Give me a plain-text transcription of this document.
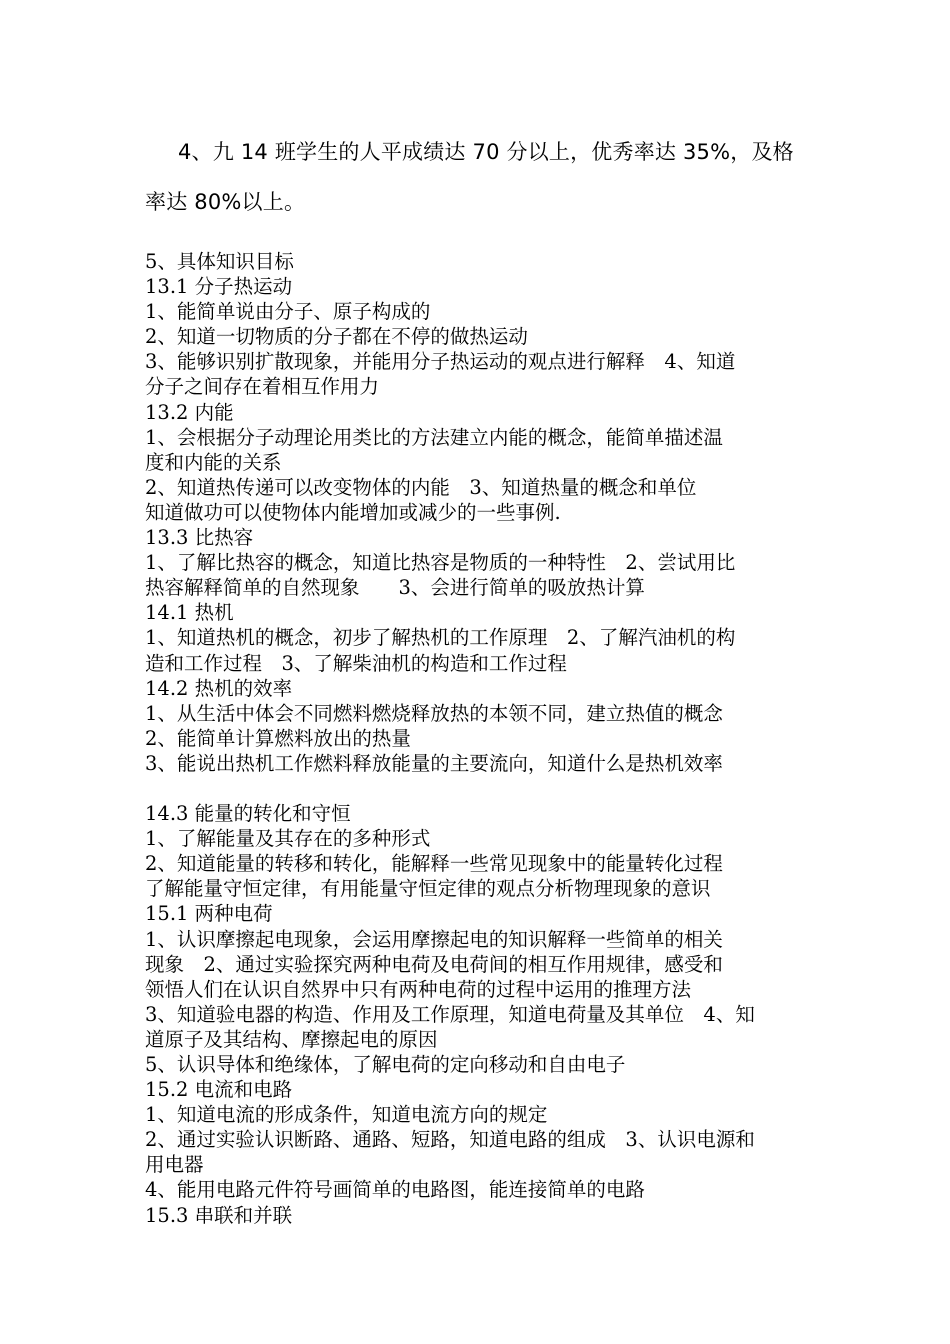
4、九 14 班学生的人平成绩达 70 分以上，优秀率达 35%，及格
率达 80%以上。
5、具体知识目标
13.1 分子热运动
1、能简单说由分子、原子构成的
2、知道一切物质的分子都在不停的做热运动
3、能够识别扩散现象，并能用分子热运动的观点进行解释　4、知道
分子之间存在着相互作用力
13.2 内能
1、会根据分子动理论用类比的方法建立内能的概念，能简单描述温
度和内能的关系
2、知道热传递可以改变物体的内能　3、知道热量的概念和单位
知道做功可以使物体内能增加或减少的一些事例.
13.3 比热容
1、了解比热容的概念，知道比热容是物质的一种特性　2、尝试用比
热容解释简单的自然现象　　3、会进行简单的吸放热计算
14.1 热机
1、知道热机的概念，初步了解热机的工作原理　2、了解汽油机的构
造和工作过程　3、了解柴油机的构造和工作过程
14.2 热机的效率
1、从生活中体会不同燃料燃烧释放热的本领不同，建立热值的概念
2、能简单计算燃料放出的热量
3、能说出热机工作燃料释放能量的主要流向，知道什么是热机效率
14.3 能量的转化和守恒
1、了解能量及其存在的多种形式
2、知道能量的转移和转化，能解释一些常见现象中的能量转化过程
了解能量守恒定律，有用能量守恒定律的观点分析物理现象的意识
15.1 两种电荷
1、认识摩擦起电现象，会运用摩擦起电的知识解释一些简单的相关
现象　2、通过实验探究两种电荷及电荷间的相互作用规律，感受和
领悟人们在认识自然界中只有两种电荷的过程中运用的推理方法
3、知道验电器的构造、作用及工作原理，知道电荷量及其单位　4、知
道原子及其结构、摩擦起电的原因
5、认识导体和绝缘体，了解电荷的定向移动和自由电子
15.2 电流和电路
1、知道电流的形成条件，知道电流方向的规定
2、通过实验认识断路、通路、短路，知道电路的组成　3、认识电源和
用电器
4、能用电路元件符号画简单的电路图，能连接简单的电路
15.3 串联和并联
